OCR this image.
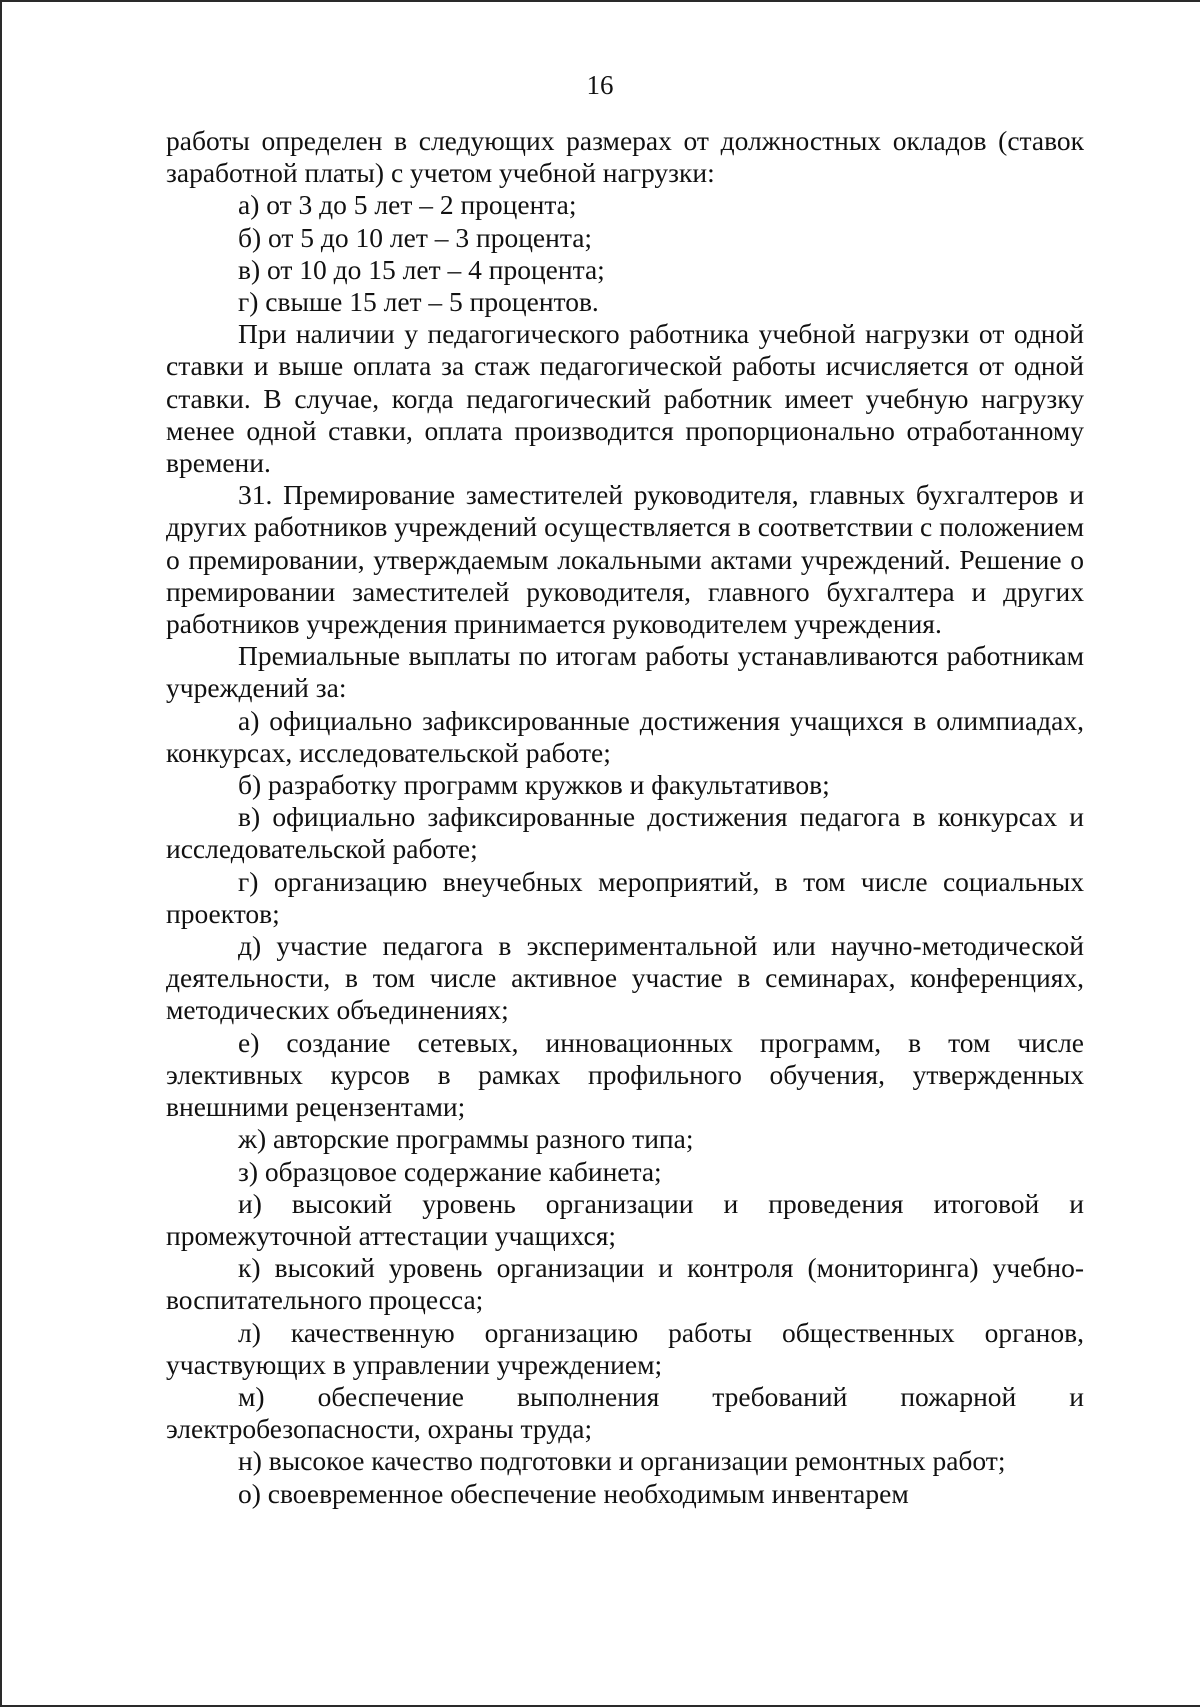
16

работы определен в следующих размерах от должностных окладов (ставок заработной платы) с учетом учебной нагрузки:

а) от 3 до 5 лет – 2 процента;

б) от 5 до 10 лет – 3 процента;

в) от 10 до 15 лет – 4 процента;

г) свыше 15 лет – 5 процентов.

При наличии у педагогического работника учебной нагрузки от одной ставки и выше оплата за стаж педагогической работы исчисляется от одной ставки. В случае, когда педагогический работник имеет учебную нагрузку менее одной ставки, оплата производится пропорционально отработанному времени.

31. Премирование заместителей руководителя, главных бухгалтеров и других работников учреждений осуществляется в соответствии с положением о премировании, утверждаемым локальными актами учреждений. Решение о премировании заместителей руководителя, главного бухгалтера и других работников учреждения принимается руководителем учреждения.

Премиальные выплаты по итогам работы устанавливаются работникам учреждений за:

а) официально зафиксированные достижения учащихся в олимпиадах, конкурсах, исследовательской работе;

б) разработку программ кружков и факультативов;

в) официально зафиксированные достижения педагога в конкурсах и исследовательской работе;

г) организацию внеучебных мероприятий, в том числе социальных проектов;

д) участие педагога в экспериментальной или научно-методической деятельности, в том числе активное участие в семинарах, конференциях, методических объединениях;

е) создание сетевых, инновационных программ, в том числе элективных курсов в рамках профильного обучения, утвержденных внешними рецензентами;

ж) авторские программы разного типа;

з) образцовое содержание кабинета;

и) высокий уровень организации и проведения итоговой и промежуточной аттестации учащихся;

к) высокий уровень организации и контроля (мониторинга) учебно-воспитательного процесса;

л) качественную организацию работы общественных органов, участвующих в управлении учреждением;

м) обеспечение выполнения требований пожарной и электробезопасности, охраны труда;

н) высокое качество подготовки и организации ремонтных работ;

о) своевременное обеспечение необходимым инвентарем
